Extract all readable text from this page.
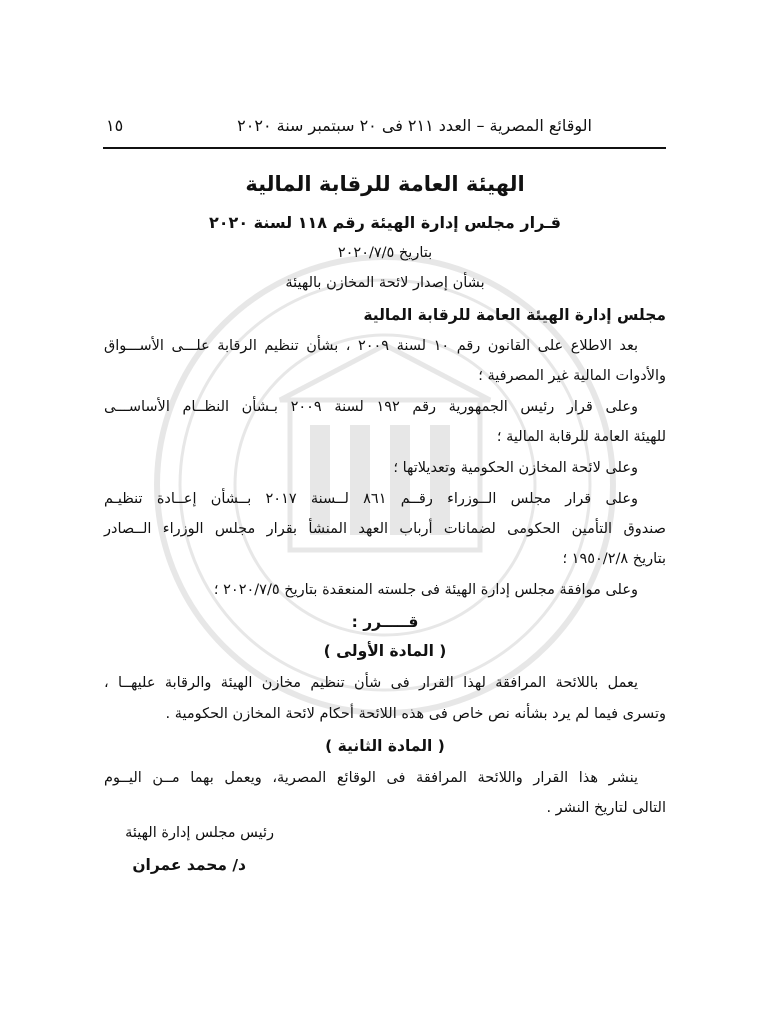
الوقائع المصرية – العدد ٢١١ فى ٢٠ سبتمبر سنة ٢٠٢٠
١٥
الهيئة العامة للرقابة المالية
قـرار مجلس إدارة الهيئة رقم ١١٨ لسنة ٢٠٢٠
بتاريخ ٢٠٢٠/٧/٥
بشأن إصدار لائحة المخازن بالهيئة
مجلس إدارة الهيئة العامة للرقابة المالية
بعد الاطلاع على القانون رقم ١٠ لسنة ٢٠٠٩ ، بشأن تنظيم الرقابة علـــى الأســـواق
والأدوات المالية غير المصرفية ؛
وعلى قرار رئيس الجمهورية رقم ١٩٢ لسنة ٢٠٠٩ بـشأن النظــام الأساســـى
للهيئة العامة للرقابة المالية ؛
وعلى لائحة المخازن الحكومية وتعديلاتها ؛
وعلى قرار مجلس الــوزراء رقــم ٨٦١ لــسنة ٢٠١٧ بــشأن إعــادة تنظيـم
صندوق التأمين الحكومى لضمانات أرباب العهد المنشأ بقرار مجلس الوزراء الــصادر
بتاريخ ١٩٥٠/٢/٨ ؛
وعلى موافقة مجلس إدارة الهيئة فى جلسته المنعقدة بتاريخ ٢٠٢٠/٧/٥ ؛
قـــــرر :
( المادة الأولى )
يعمل باللائحة المرافقة لهذا القرار فى شأن تنظيم مخازن الهيئة والرقابة عليهــا ،
وتسرى فيما لم يرد بشأنه نص خاص فى هذه اللائحة أحكام لائحة المخازن الحكومية .
( المادة الثانية )
ينشر هذا القرار واللائحة المرافقة فى الوقائع المصرية، ويعمل بهما مــن اليــوم
التالى لتاريخ النشر .
رئيس مجلس إدارة الهيئة
د/ محمد عمران
